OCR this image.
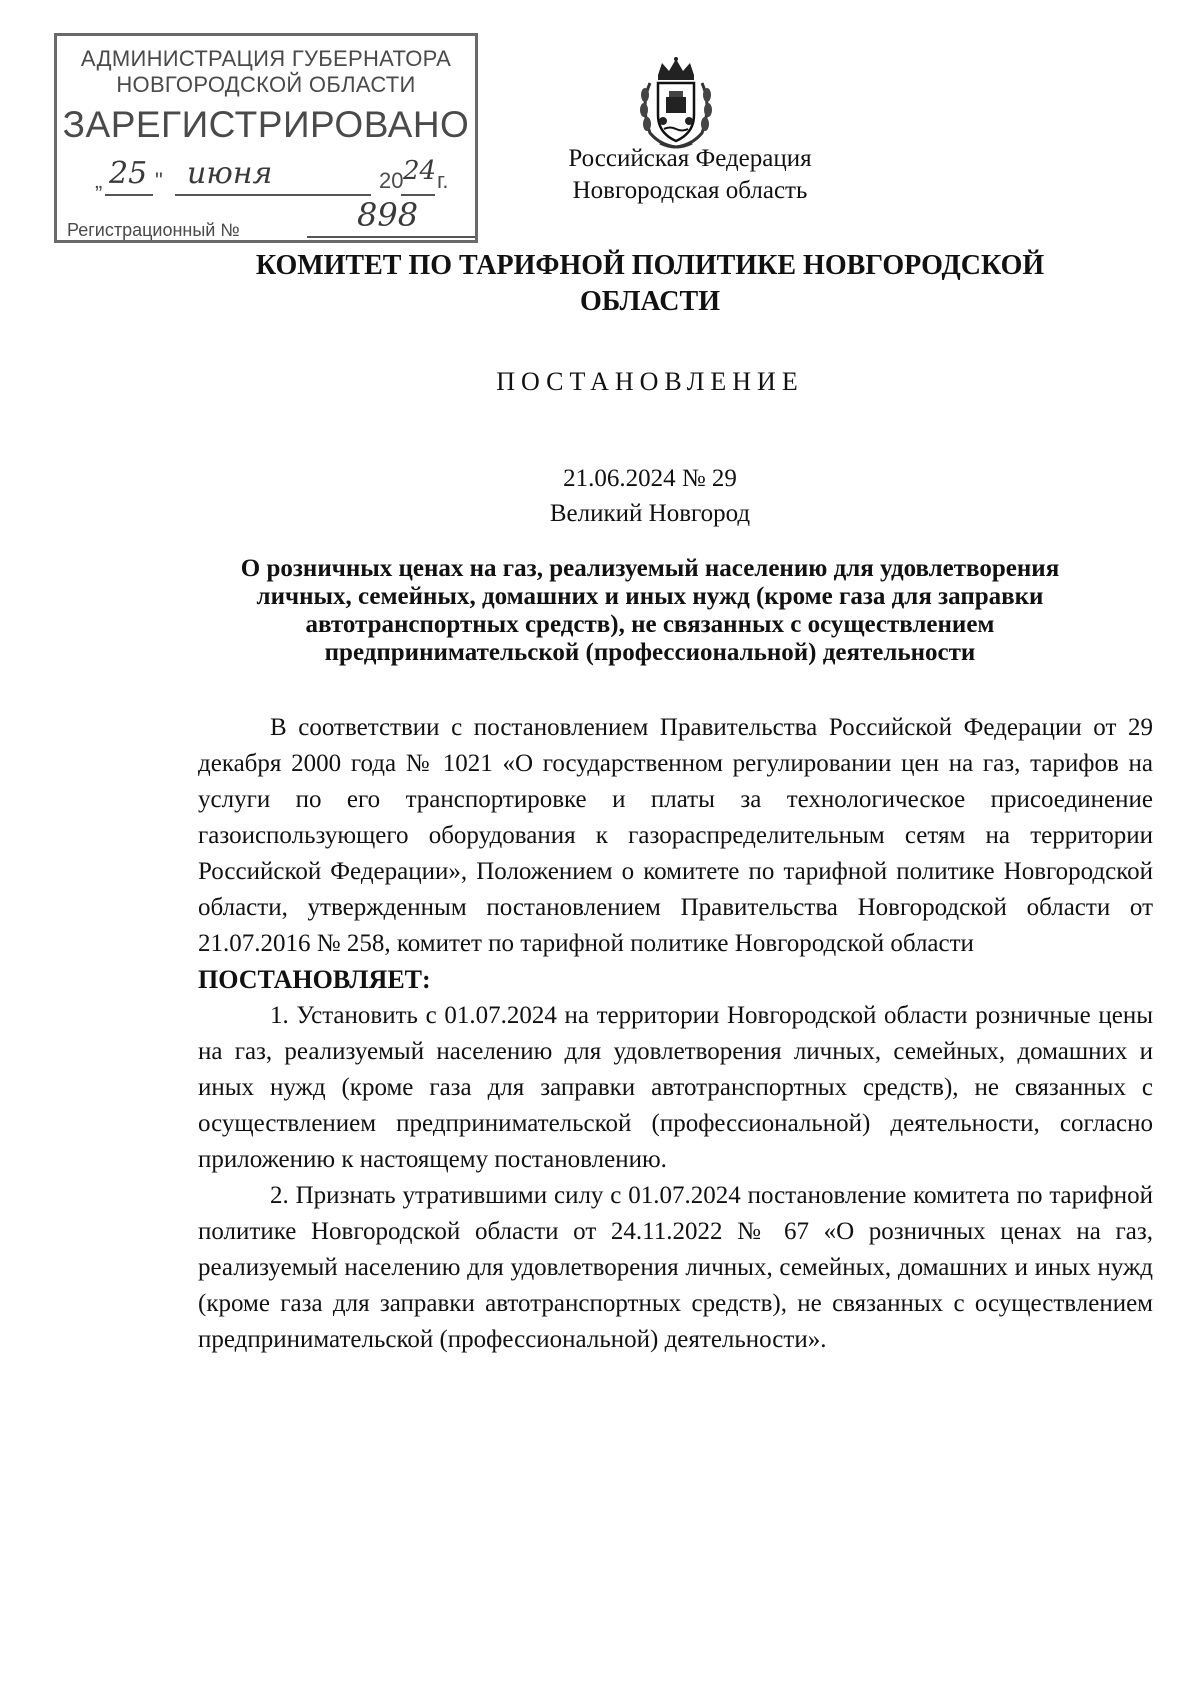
АДМИНИСТРАЦИЯ ГУБЕРНАТОРА
НОВГОРОДСКОЙ ОБЛАСТИ
ЗАРЕГИСТРИРОВАНО
„ 25 " июня	20 24 г.
Регистрационный №	898
Российская Федерация
Новгородская область
КОМИТЕТ ПО ТАРИФНОЙ ПОЛИТИКЕ НОВГОРОДСКОЙ
ОБЛАСТИ
ПОСТАНОВЛЕНИЕ
21.06.2024 № 29
Великий Новгород
О розничных ценах на газ, реализуемый населению для удовлетворения
личных, семейных, домашних и иных нужд (кроме газа для заправки
автотранспортных средств), не связанных с осуществлением
предпринимательской (профессиональной) деятельности

В соответствии с постановлением Правительства Российской Федерации от 29 декабря 2000 года № 1021 «О государственном регулировании цен на газ, тарифов на услуги по его транспортировке и платы за технологическое присоединение газоиспользующего оборудования к газораспределительным сетям на территории Российской Федерации», Положением о комитете по тарифной политике Новгородской области, утвержденным постановлением Правительства Новгородской области от 21.07.2016 № 258, комитет по тарифной политике Новгородской области

ПОСТАНОВЛЯЕТ:

1. Установить с 01.07.2024 на территории Новгородской области розничные цены на газ, реализуемый населению для удовлетворения личных, семейных, домашних и иных нужд (кроме газа для заправки автотранспортных средств), не связанных с осуществлением предпринимательской (профессиональной) деятельности, согласно приложению к настоящему постановлению.

2. Признать утратившими силу с 01.07.2024 постановление комитета по тарифной политике Новгородской области от 24.11.2022 № 67 «О розничных ценах на газ, реализуемый населению для удовлетворения личных, семейных, домашних и иных нужд (кроме газа для заправки автотранспортных средств), не связанных с осуществлением предпринимательской (профессиональной) деятельности».
